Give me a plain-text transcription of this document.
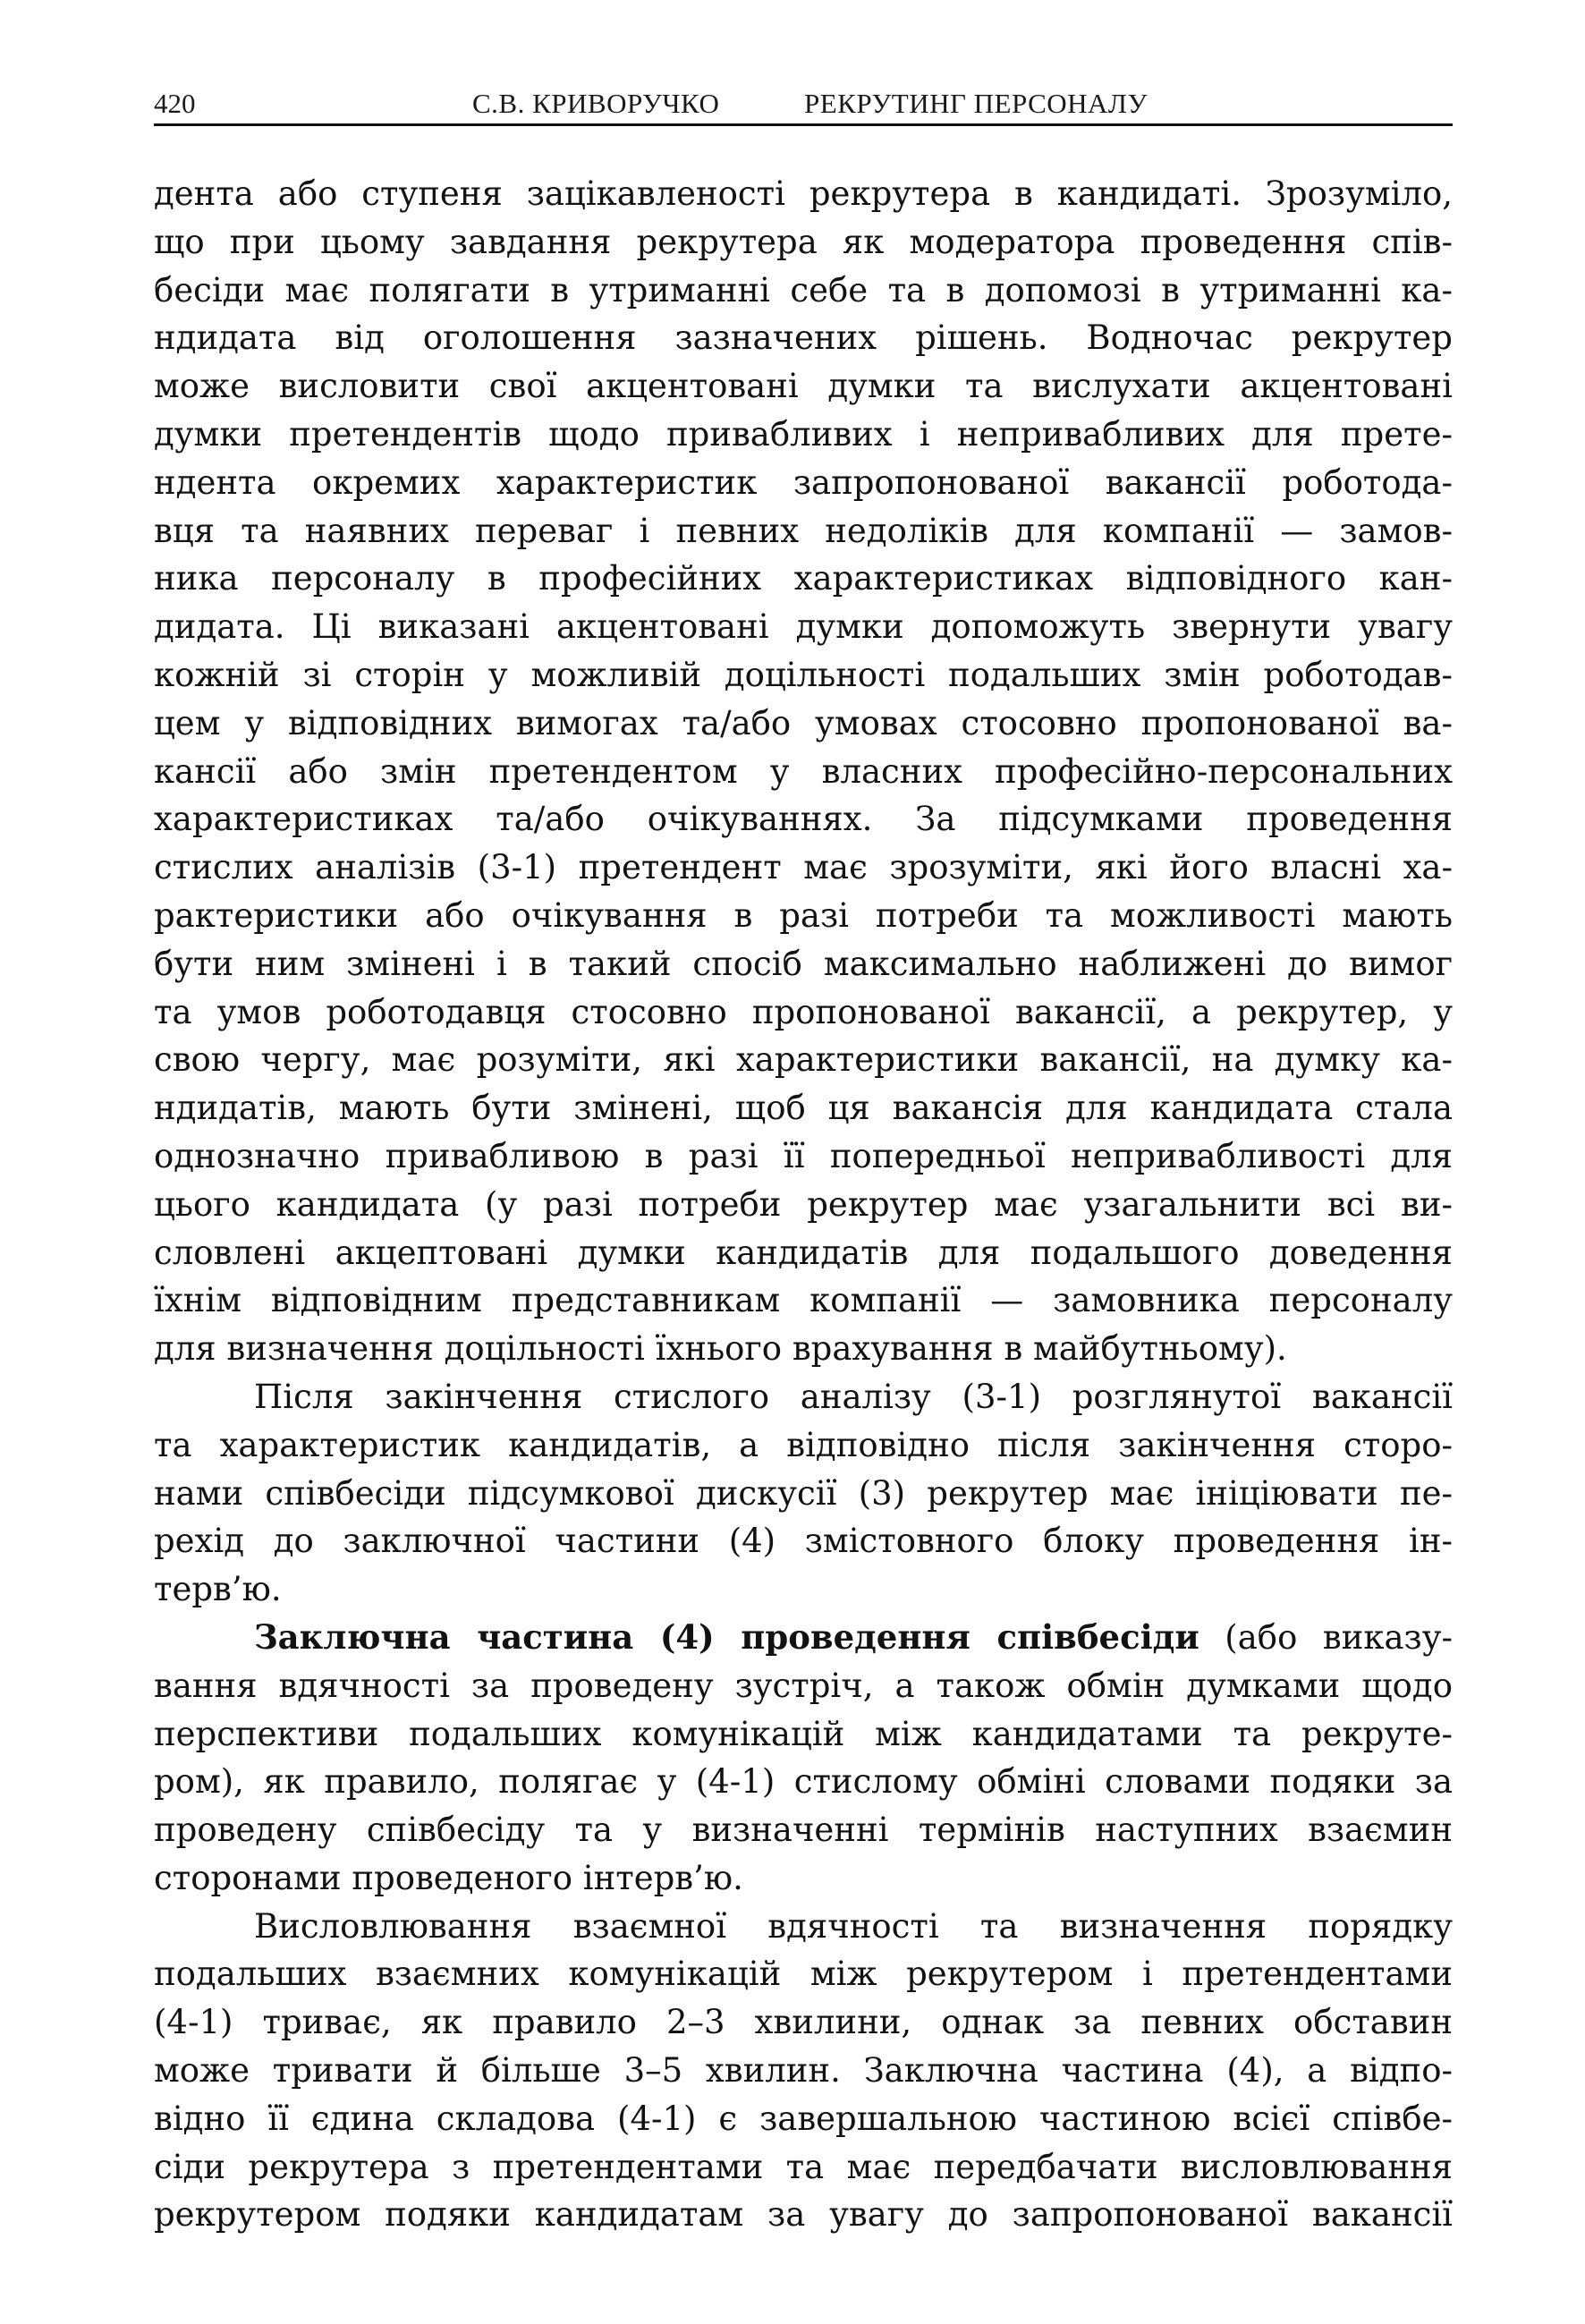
420	С.В. КРИВОРУЧКО	РЕКРУТИНГ ПЕРСОНАЛУ
дента або ступеня зацікавленості рекрутера в кандидаті. Зрозуміло,
що при цьому завдання рекрутера як модератора проведення спів-
бесіди має полягати в утриманні себе та в допомозі в утриманні ка-
ндидата від оголошення зазначених рішень. Водночас рекрутер
може висловити свої акцентовані думки та вислухати акцентовані
думки претендентів щодо привабливих і непривабливих для прете-
ндента окремих характеристик запропонованої вакансії роботода-
вця та наявних переваг і певних недоліків для компанії — замов-
ника персоналу в професійних характеристиках відповідного кан-
дидата. Ці виказані акцентовані думки допоможуть звернути увагу
кожній зі сторін у можливій доцільності подальших змін роботодав-
цем у відповідних вимогах та/або умовах стосовно пропонованої ва-
кансії або змін претендентом у власних професійно-персональних
характеристиках та/або очікуваннях. За підсумками проведення
стислих аналізів (3-1) претендент має зрозуміти, які його власні ха-
рактеристики або очікування в разі потреби та можливості мають
бути ним змінені і в такий спосіб максимально наближені до вимог
та умов роботодавця стосовно пропонованої вакансії, а рекрутер, у
свою чергу, має розуміти, які характеристики вакансії, на думку ка-
ндидатів, мають бути змінені, щоб ця вакансія для кандидата стала
однозначно привабливою в разі її попередньої непривабливості для
цього кандидата (у разі потреби рекрутер має узагальнити всі ви-
словлені акцептовані думки кандидатів для подальшого доведення
їхнім відповідним представникам компанії — замовника персоналу
для визначення доцільності їхнього врахування в майбутньому).
Після закінчення стислого аналізу (3-1) розглянутої вакансії
та характеристик кандидатів, а відповідно після закінчення сторо-
нами співбесіди підсумкової дискусії (3) рекрутер має ініціювати пе-
рехід до заключної частини (4) змістовного блоку проведення ін-
терв’ю.
Заключна частина (4) проведення співбесіди (або виказу-
вання вдячності за проведену зустріч, а також обмін думками щодо
перспективи подальших комунікацій між кандидатами та рекруте-
ром), як правило, полягає у (4-1) стислому обміні словами подяки за
проведену співбесіду та у визначенні термінів наступних взаємин
сторонами проведеного інтерв’ю.
Висловлювання взаємної вдячності та визначення порядку
подальших взаємних комунікацій між рекрутером і претендентами
(4-1) триває, як правило 2–3 хвилини, однак за певних обставин
може тривати й більше 3–5 хвилин. Заключна частина (4), а відпо-
відно її єдина складова (4-1) є завершальною частиною всієї співбе-
сіди рекрутера з претендентами та має передбачати висловлювання
рекрутером подяки кандидатам за увагу до запропонованої вакансії
